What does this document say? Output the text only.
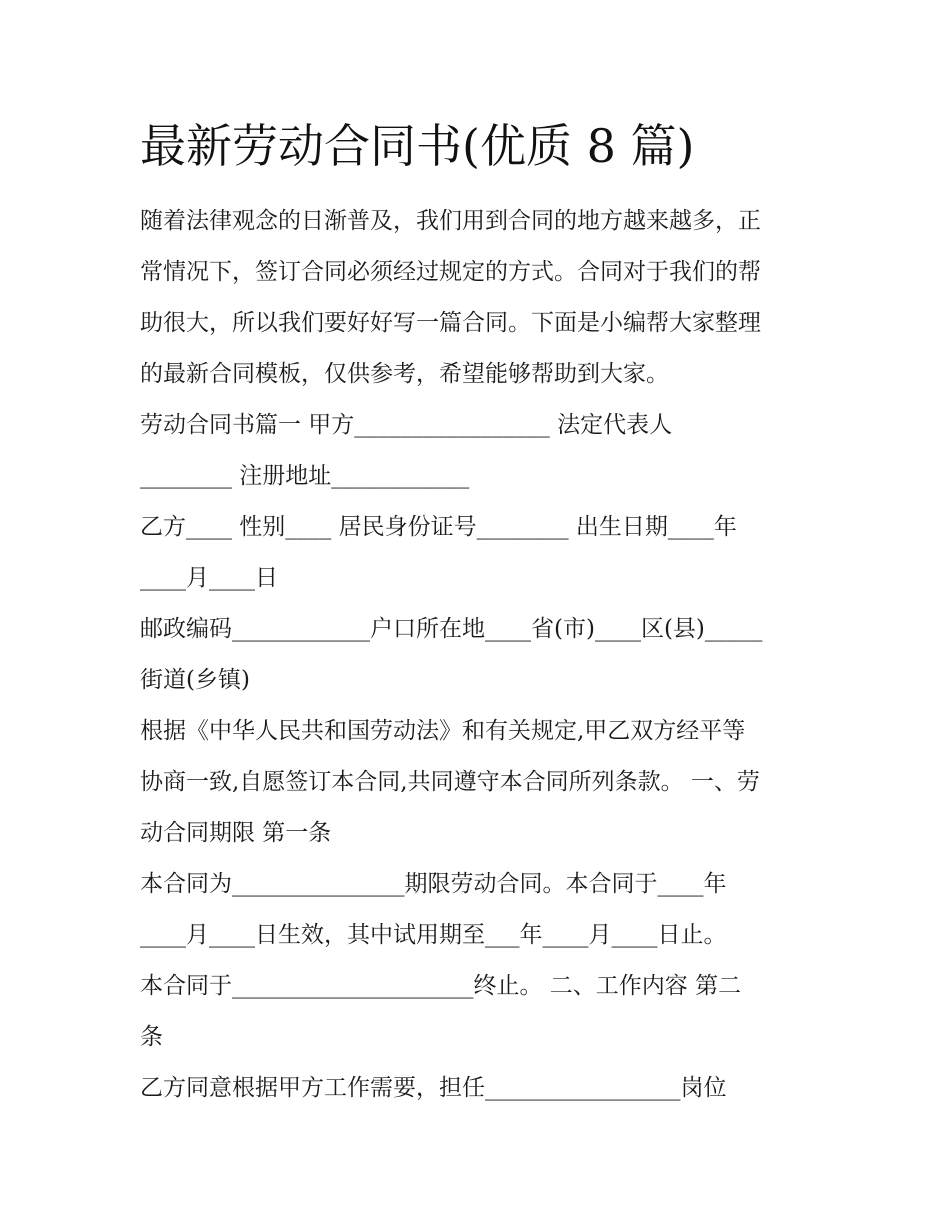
最新劳动合同书(优质 8 篇)

随着法律观念的日渐普及，我们用到合同的地方越来越多，正

常情况下，签订合同必须经过规定的方式。合同对于我们的帮

助很大，所以我们要好好写一篇合同。下面是小编帮大家整理

的最新合同模板，仅供参考，希望能够帮助到大家。

劳动合同书篇一 甲方_________________ 法定代表人

________ 注册地址____________

乙方____ 性别____ 居民身份证号________ 出生日期____年

____月____日

邮政编码____________户口所在地____省(市)____区(县)_____

街道(乡镇)

根据《中华人民共和国劳动法》和有关规定,甲乙双方经平等

协商一致,自愿签订本合同,共同遵守本合同所列条款。 一、劳

动合同期限 第一条

本合同为_______________期限劳动合同。本合同于____年

____月____日生效，其中试用期至___年____月____日止。

本合同于_____________________终止。 二、工作内容 第二

条

乙方同意根据甲方工作需要，担任_________________岗位
